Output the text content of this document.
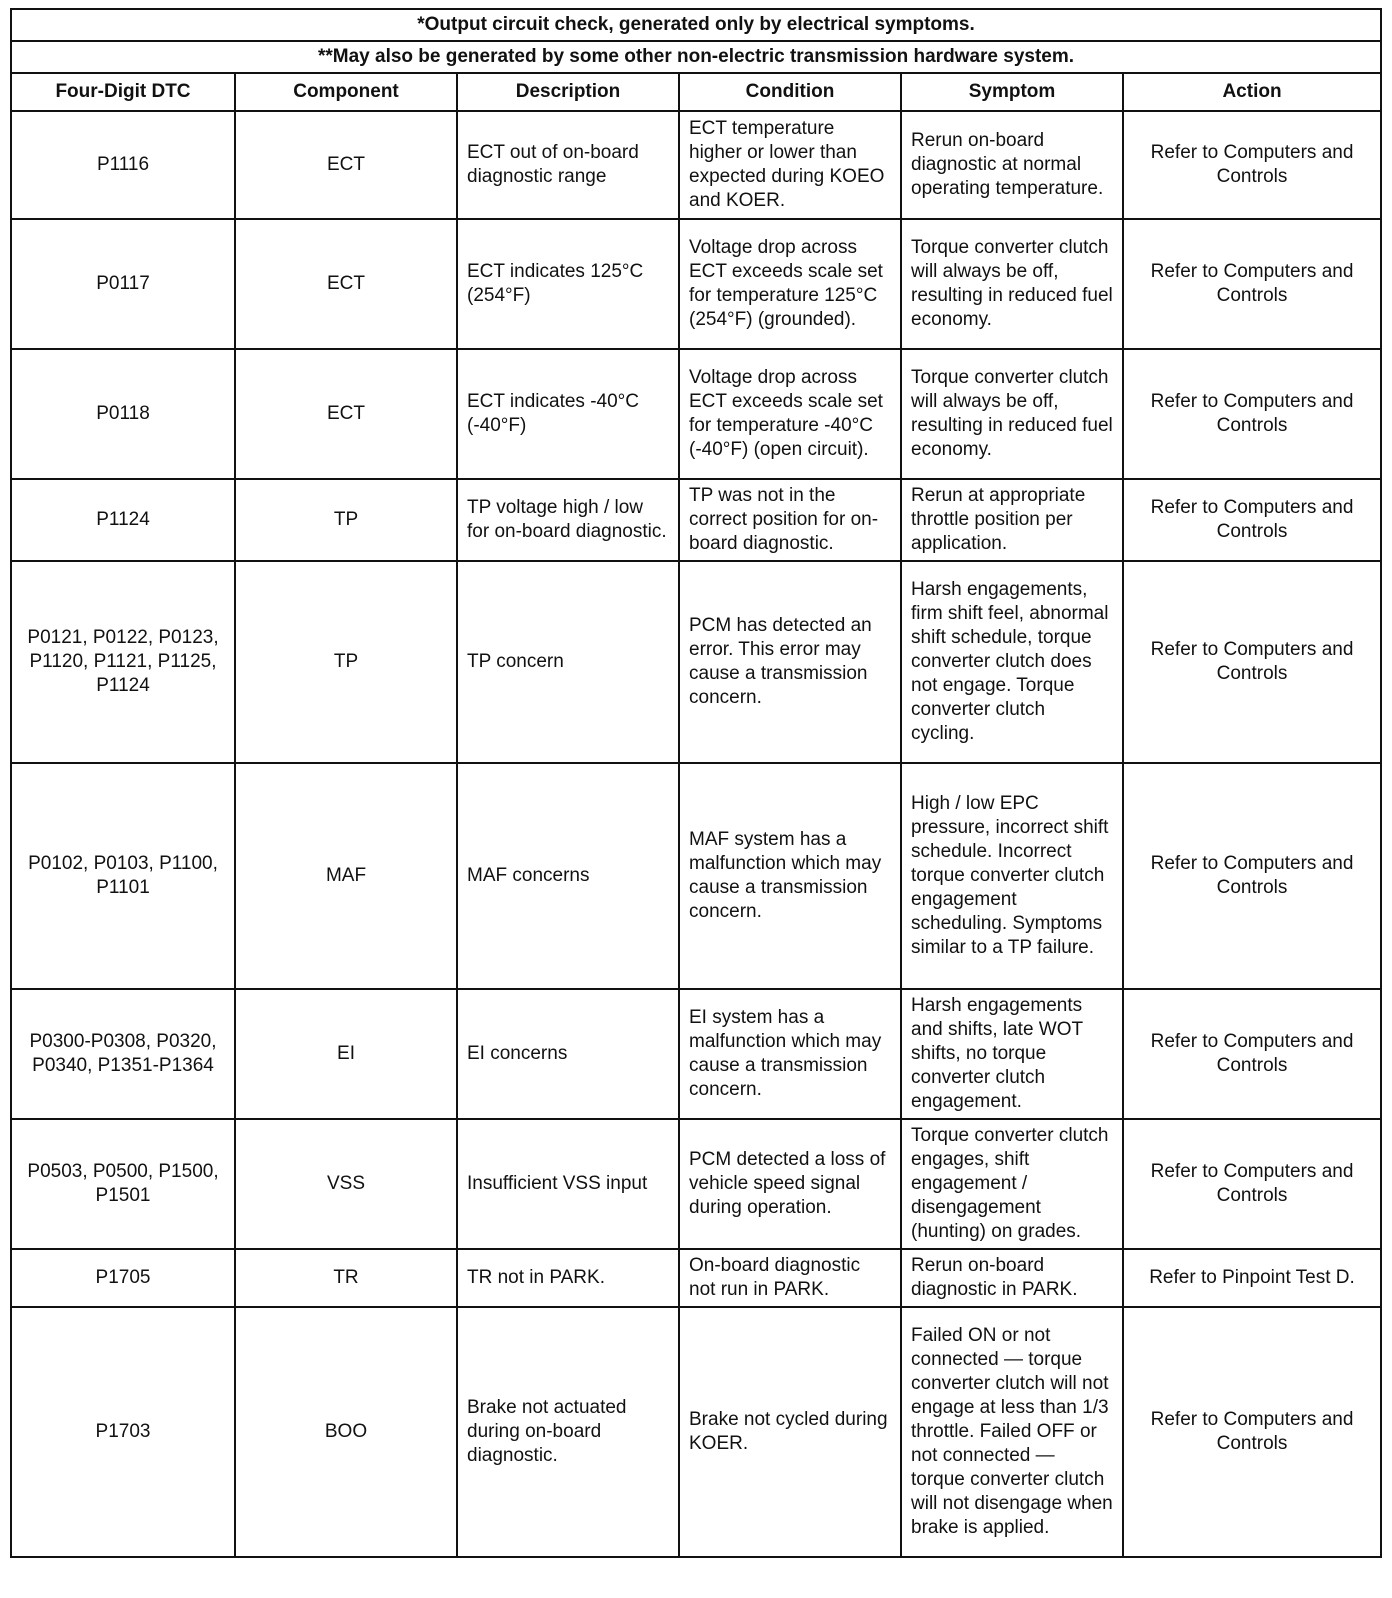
*Output circuit check, generated only by electrical symptoms.					
**May also be generated by some other non-electric transmission hardware system.					
Four-Digit DTC	Component	Description	Condition	Symptom	Action
P1116	ECT	ECT out of on-board diagnostic range	ECT temperature higher or lower than expected during KOEO and KOER.	Rerun on-board diagnostic at normal operating temperature.	Refer to Computers and Controls
P0117	ECT	ECT indicates 125°C (254°F)	Voltage drop across ECT exceeds scale set for temperature 125°C (254°F) (grounded).	Torque converter clutch will always be off, resulting in reduced fuel economy.	Refer to Computers and Controls
P0118	ECT	ECT indicates -40°C (-40°F)	Voltage drop across ECT exceeds scale set for temperature -40°C (-40°F) (open circuit).	Torque converter clutch will always be off, resulting in reduced fuel economy.	Refer to Computers and Controls
P1124	TP	TP voltage high / low for on-board diagnostic.	TP was not in the correct position for on-board diagnostic.	Rerun at appropriate throttle position per application.	Refer to Computers and Controls
P0121, P0122, P0123, P1120, P1121, P1125, P1124	TP	TP concern	PCM has detected an error. This error may cause a transmission concern.	Harsh engagements, firm shift feel, abnormal shift schedule, torque converter clutch does not engage. Torque converter clutch cycling.	Refer to Computers and Controls
P0102, P0103, P1100, P1101	MAF	MAF concerns	MAF system has a malfunction which may cause a transmission concern.	High / low EPC pressure, incorrect shift schedule. Incorrect torque converter clutch engagement scheduling. Symptoms similar to a TP failure.	Refer to Computers and Controls
P0300-P0308, P0320, P0340, P1351-P1364	EI	EI concerns	EI system has a malfunction which may cause a transmission concern.	Harsh engagements and shifts, late WOT shifts, no torque converter clutch engagement.	Refer to Computers and Controls
P0503, P0500, P1500, P1501	VSS	Insufficient VSS input	PCM detected a loss of vehicle speed signal during operation.	Torque converter clutch engages, shift engagement / disengagement (hunting) on grades.	Refer to Computers and Controls
P1705	TR	TR not in PARK.	On-board diagnostic not run in PARK.	Rerun on-board diagnostic in PARK.	Refer to Pinpoint Test D.
P1703	BOO	Brake not actuated during on-board diagnostic.	Brake not cycled during KOER.	Failed ON or not connected — torque converter clutch will not engage at less than 1/3 throttle. Failed OFF or not connected — torque converter clutch will not disengage when brake is applied.	Refer to Computers and Controls
